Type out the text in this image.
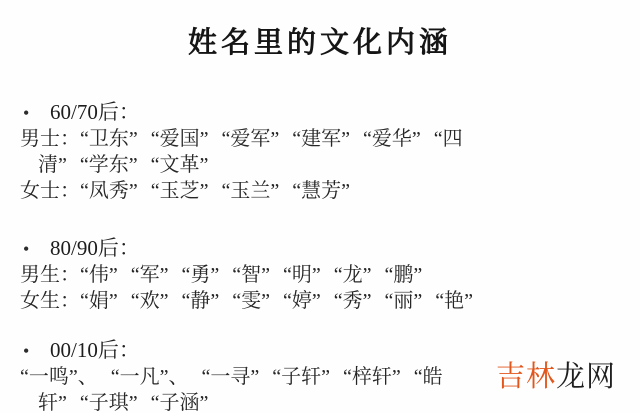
姓名里的文化内涵
• 60/70后：
男士：“卫东” “爱国” “爱军” “建军” “爱华” “四
清” “学东” “文革”
女士：“凤秀” “玉芝” “玉兰” “慧芳”
• 80/90后：
男生：“伟” “军” “勇” “智” “明” “龙” “鹏”
女生：“娟” “欢” “静” “雯” “婷” “秀” “丽” “艳”
• 00/10后：
“一鸣”、 “一凡”、 “一寻” “子轩” “梓轩” “皓
轩” “子琪” “子涵”
吉林龙网
